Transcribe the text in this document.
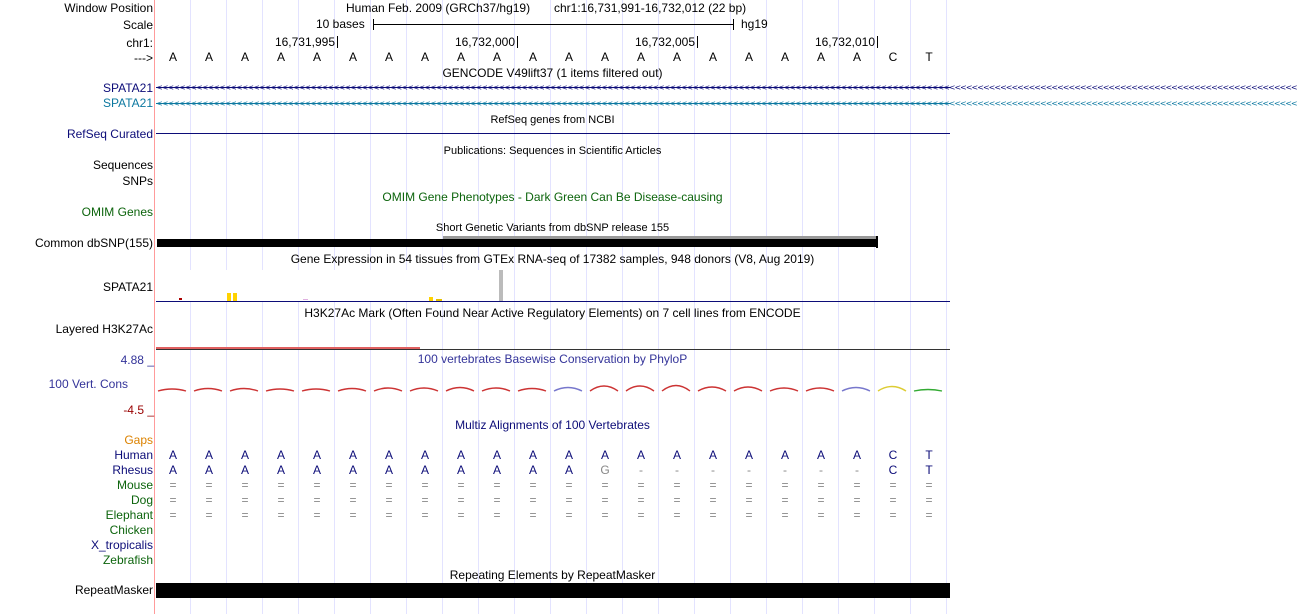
Window Position	Human Feb. 2009 (GRCh37/hg19) chr1:16,731,991-16,732,012 (22 bp)
Scale	10 bases	hg19
chr1:	16,731,995	16,732,000	16,732,005	16,732,010
--->	A	A	A	A	A	A	A	A	A	A	A	A	A	A	A	A	A	A	A	A	C	T
GENCODE V49lift37 (1 items filtered out)
SPATA21 <<<<<<<<<<<<<<<<<<<<<<<<<<<<<<<<<<<<<<<<<<<<<<<<<<<<<<<<<<<<<<<<<<<<<<<<<<<<<<<<<<<<<<<<<<<<<<<<<<<<<<<<<<<<<<<<<<<<<<<<<<<<<<<<<<<<<<<<<<<<<<<<<<<<<<<<<<<<<<<<<<<<<<<<<<<<<<<<<<<<<<<<<<<<<<<<<<<<<<<<
SPATA21 <<<<<<<<<<<<<<<<<<<<<<<<<<<<<<<<<<<<<<<<<<<<<<<<<<<<<<<<<<<<<<<<<<<<<<<<<<<<<<<<<<<<<<<<<<<<<<<<<<<<<<<<<<<<<<<<<<<<<<<<<<<<<<<<<<<<<<<<<<<<<<<<<<<<<<<<<<<<<<<<<<<<<<<<<<<<<<<<<<<<<<<<<<<<<<<<<<<<<<<<
RefSeq genes from NCBI
RefSeq Curated
Publications: Sequences in Scientific Articles
Sequences
SNPs
OMIM Gene Phenotypes - Dark Green Can Be Disease-causing
OMIM Genes
Short Genetic Variants from dbSNP release 155
Common dbSNP(155)
Gene Expression in 54 tissues from GTEx RNA-seq of 17382 samples, 948 donors (V8, Aug 2019)
SPATA21
H3K27Ac Mark (Often Found Near Active Regulatory Elements) on 7 cell lines from ENCODE
Layered H3K27Ac
100 vertebrates Basewise Conservation by PhyloP
4.88 _
100 Vert. Cons
-4.5 _
Multiz Alignments of 100 Vertebrates
Gaps
Human	A	A	A	A	A	A	A	A	A	A	A	A	A	A	A	A	A	A	A	A	C	T
Rhesus	A	A	A	A	A	A	A	A	A	A	A	A	G	-	-	-	-	-	-	-	C	T
Mouse	=	=	=	=	=	=	=	=	=	=	=	=	=	=	=	=	=	=	=	=	=	=
Dog	=	=	=	=	=	=	=	=	=	=	=	=	=	=	=	=	=	=	=	=	=	=
Elephant	=	=	=	=	=	=	=	=	=	=	=	=	=	=	=	=	=	=	=	=	=	=
Chicken
X_tropicalis
Zebrafish
Repeating Elements by RepeatMasker
RepeatMasker
